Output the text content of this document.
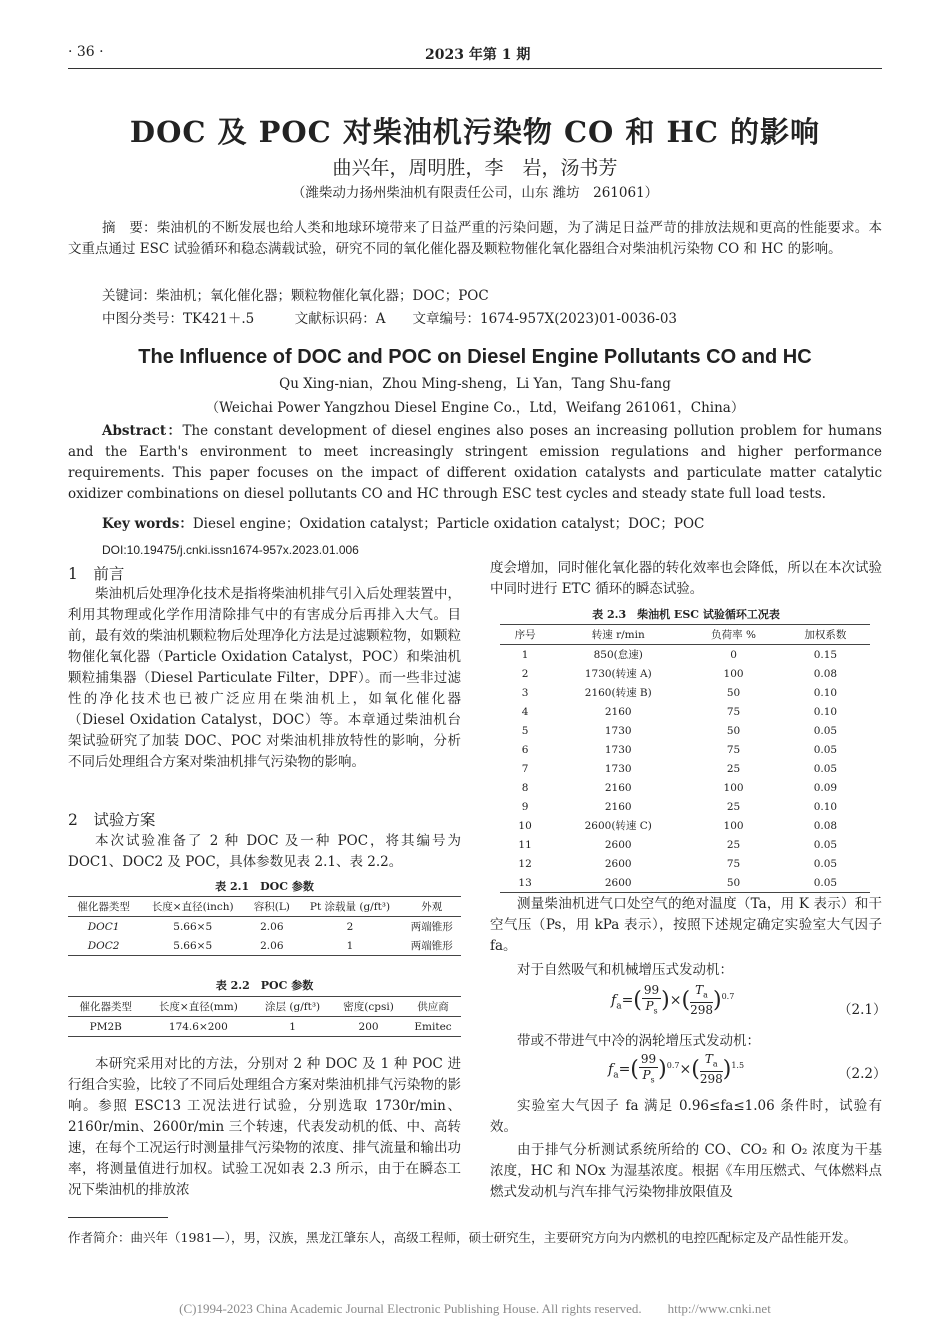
· 36 ·	2023 年第 1 期
DOC 及 POC 对柴油机污染物 CO 和 HC 的影响
曲兴年，周明胜，李　岩，汤书芳
（潍柴动力扬州柴油机有限责任公司，山东 潍坊　261061）
摘　要：柴油机的不断发展也给人类和地球环境带来了日益严重的污染问题，为了满足日益严苛的排放法规和更高的性能要求。本文重点通过 ESC 试验循环和稳态满载试验，研究不同的氧化催化器及颗粒物催化氧化器组合对柴油机污染物 CO 和 HC 的影响。
关键词：柴油机；氧化催化器；颗粒物催化氧化器；DOC；POC
中图分类号：TK421＋.5　　　文献标识码：A　　文章编号：1674-957X(2023)01-0036-03
The Influence of DOC and POC on Diesel Engine Pollutants CO and HC
Qu Xing-nian，Zhou Ming-sheng，Li Yan，Tang Shu-fang
（Weichai Power Yangzhou Diesel Engine Co.，Ltd，Weifang 261061，China）
Abstract：The constant development of diesel engines also poses an increasing pollution problem for humans and the Earth's environment to meet increasingly stringent emission regulations and higher performance requirements. This paper focuses on the impact of different oxidation catalysts and particulate matter catalytic oxidizer combinations on diesel pollutants CO and HC through ESC test cycles and steady state full load tests.
Key words：Diesel engine；Oxidation catalyst；Particle oxidation catalyst；DOC；POC
DOI:10.19475/j.cnki.issn1674-957x.2023.01.006
1　前言
柴油机后处理净化技术是指将柴油机排气引入后处理装置中，利用其物理或化学作用清除排气中的有害成分后再排入大气。目前，最有效的柴油机颗粒物后处理净化方法是过滤颗粒物，如颗粒物催化氧化器（Particle Oxidation Catalyst，POC）和柴油机颗粒捕集器（Diesel Particulate Filter，DPF）。而一些非过滤性的净化技术也已被广泛应用在柴油机上，如氧化催化器（Diesel Oxidation Catalyst，DOC）等。本章通过柴油机台架试验研究了加装 DOC、POC 对柴油机排放特性的影响，分析不同后处理组合方案对柴油机排气污染物的影响。
2　试验方案
本次试验准备了 2 种 DOC 及一种 POC，将其编号为 DOC1、DOC2 及 POC，具体参数见表 2.1、表 2.2。
表 2.1　DOC 参数
催化器类型	长度×直径(inch)	容积(L)	Pt 涂载量 (g/ft³)	外观
DOC1	5.66×5	2.06	2	两端锥形
DOC2	5.66×5	2.06	1	两端锥形
表 2.2　POC 参数
催化器类型	长度×直径(mm)	涂层 (g/ft³)	密度(cpsi)	供应商
PM2B	174.6×200	1	200	Emitec
本研究采用对比的方法，分别对 2 种 DOC 及 1 种 POC 进行组合实验，比较了不同后处理组合方案对柴油机排气污染物的影响。参照 ESC13 工况法进行试验，分别选取 1730r/min、2160r/min、2600r/min 三个转速，代表发动机的低、中、高转速，在每个工况运行时测量排气污染物的浓度、排气流量和输出功率，将测量值进行加权。试验工况如表 2.3 所示，由于在瞬态工况下柴油机的排放浓
度会增加，同时催化氧化器的转化效率也会降低，所以在本次试验中同时进行 ETC 循环的瞬态试验。
表 2.3　柴油机 ESC 试验循环工况表
序号	转速 r/min	负荷率 %	加权系数
1	850(怠速)	0	0.15
2	1730(转速 A)	100	0.08
3	2160(转速 B)	50	0.10
4	2160	75	0.10
5	1730	50	0.05
6	1730	75	0.05
7	1730	25	0.05
8	2160	100	0.09
9	2160	25	0.10
10	2600(转速 C)	100	0.08
11	2600	25	0.05
12	2600	75	0.05
13	2600	50	0.05
测量柴油机进气口处空气的绝对温度（Ta，用 K 表示）和干空气压（Ps，用 kPa 表示），按照下述规定确定实验室大气因子 fa。
对于自然吸气和机械增压式发动机：
$f_a=( \frac{99}{P_s}$ )×( $\frac{T_a}{298} )^{0.7}$
（2.1）
带或不带进气中冷的涡轮增压式发动机：
$f_a=( \frac{99}{P_s} )^{0.7}\times( \frac{T_a}{298} )^{1.5}$
（2.2）
实验室大气因子 fa 满足 0.96≤fa≤1.06 条件时，试验有效。
由于排气分析测试系统所给的 CO、CO₂ 和 O₂ 浓度为干基浓度，HC 和 NOx 为湿基浓度。根据《车用压燃式、气体燃料点燃式发动机与汽车排气污染物排放限值及
作者简介：曲兴年（1981—），男，汉族，黑龙江肇东人，高级工程师，硕士研究生，主要研究方向为内燃机的电控匹配标定及产品性能开发。
(C)1994-2023 China Academic Journal Electronic Publishing House. All rights reserved.　　http://www.cnki.net
